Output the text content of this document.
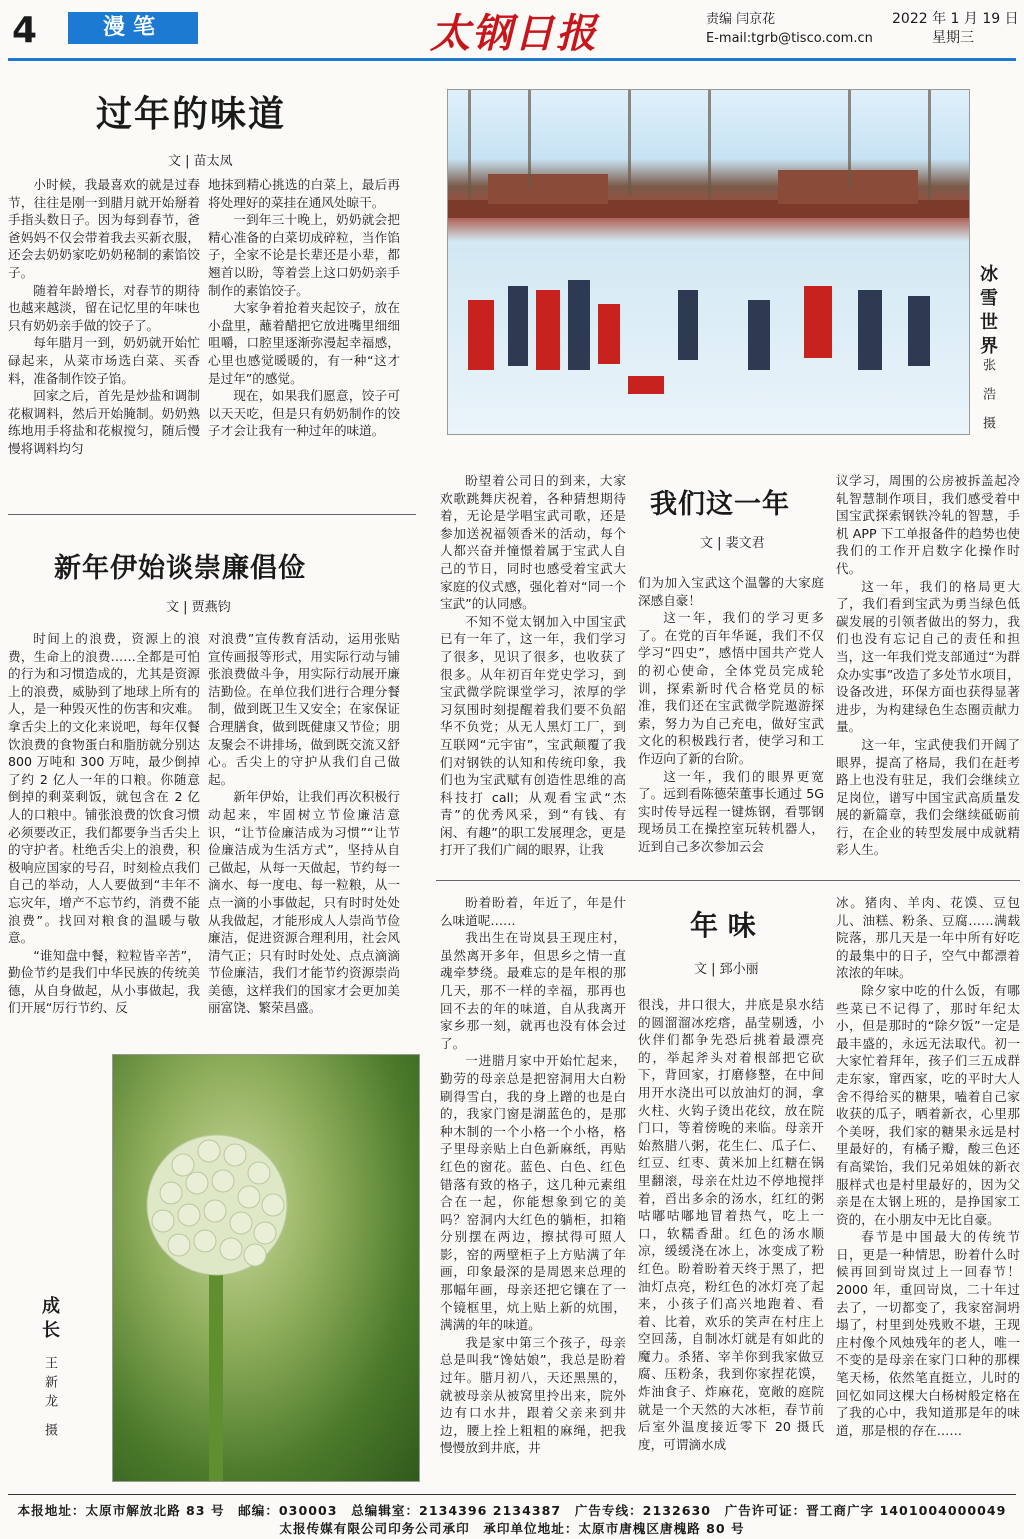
4	漫笔	太钢日报	责编 闫京花
E-mail:tgrb@tisco.com.cn
2022 年 1 月 19 日
星期三
过年的味道
文 | 苗太凤

小时候，我最喜欢的就是过春节，往往是刚一到腊月就开始掰着手指头数日子。因为每到春节，爸爸妈妈不仅会带着我去买新衣服，还会去奶奶家吃奶奶秘制的素馅饺子。

随着年龄增长，对春节的期待也越来越淡，留在记忆里的年味也只有奶奶亲手做的饺子了。

每年腊月一到，奶奶就开始忙碌起来，从菜市场选白菜、买香料，准备制作饺子馅。

回家之后，首先是炒盐和调制花椒调料，然后开始腌制。奶奶熟练地用手将盐和花椒搅匀，随后慢慢将调料均匀

地抹到精心挑选的白菜上，最后再将处理好的菜挂在通风处晾干。

一到年三十晚上，奶奶就会把精心准备的白菜切成碎粒，当作馅子，全家不论是长辈还是小辈，都翘首以盼，等着尝上这口奶奶亲手制作的素馅饺子。

大家争着抢着夹起饺子，放在小盘里，蘸着醋把它放进嘴里细细咀嚼，口腔里逐渐弥漫起幸福感，心里也感觉暖暖的，有一种“这才是过年”的感觉。

现在，如果我们愿意，饺子可以天天吃，但是只有奶奶制作的饺子才会让我有一种过年的味道。

冰雪世界
张 浩 摄
新年伊始谈崇廉倡俭
文 | 贾燕钧

时间上的浪费，资源上的浪费，生命上的浪费……全都是可怕的行为和习惯造成的，尤其是资源上的浪费，威胁到了地球上所有的人，是一种毁灭性的伤害和灾难。拿舌尖上的文化来说吧，每年仅餐饮浪费的食物蛋白和脂肪就分别达 800 万吨和 300 万吨，最少倒掉了约 2 亿人一年的口粮。你随意倒掉的剩菜剩饭，就包含在 2 亿人的口粮中。铺张浪费的饮食习惯必须要改正，我们都要争当舌尖上的守护者。杜绝舌尖上的浪费，积极响应国家的号召，时刻检点我们自己的举动，人人要做到“丰年不忘灾年，增产不忘节约，消费不能浪费”。找回对粮食的温暖与敬意。

“谁知盘中餐，粒粒皆辛苦”，勤俭节约是我们中华民族的传统美德，从自身做起，从小事做起，我们开展“厉行节约、反

对浪费”宣传教育活动，运用张贴宣传画报等形式，用实际行动与铺张浪费做斗争，用实际行动展开廉洁勤俭。在单位我们进行合理分餐制，做到既卫生又安全；在家保证合理膳食，做到既健康又节俭；朋友聚会不讲排场，做到既交流又舒心。舌尖上的守护从我们自己做起。

新年伊始，让我们再次积极行动起来，牢固树立节俭廉洁意识，“让节俭廉洁成为习惯”“让节俭廉洁成为生活方式”，坚持从自己做起，从每一天做起，节约每一滴水、每一度电、每一粒粮，从一点一滴的小事做起，只有时时处处从我做起，才能形成人人崇尚节俭廉洁，促进资源合理利用，社会风清气正；只有时时处处、点点滴滴节俭廉洁，我们才能节约资源崇尚美德，这样我们的国家才会更加美丽富饶、繁荣昌盛。

成长
王新龙 摄

盼望着公司日的到来，大家欢歌跳舞庆祝着，各种猜想期待着，无论是学唱宝武司歌，还是参加送祝福领香米的活动，每个人都兴奋并憧憬着属于宝武人自己的节日，同时也感受着宝武大家庭的仪式感，强化着对“同一个宝武”的认同感。

不知不觉太钢加入中国宝武已有一年了，这一年，我们学习了很多，见识了很多，也收获了很多。从年初百年党史学习，到宝武微学院课堂学习，浓厚的学习氛围时刻提醒着我们要不负韶华不负党；从无人黑灯工厂，到互联网“元宇宙”，宝武颠覆了我们对钢铁的认知和传统印象，我们也为宝武赋有创造性思维的高科技打 call；从观看宝武“杰青”的优秀风采，到“有钱、有闲、有趣”的职工发展理念，更是打开了我们广阔的眼界，让我

我们这一年
文 | 裴文君

们为加入宝武这个温馨的大家庭深感自豪！

这一年，我们的学习更多了。在党的百年华诞，我们不仅学习“四史”，感悟中国共产党人的初心使命，全体党员完成轮训，探索新时代合格党员的标准，我们还在宝武微学院遨游探索，努力为自己充电，做好宝武文化的积极践行者，使学习和工作迈向了新的台阶。

这一年，我们的眼界更宽了。远到看陈德荣董事长通过 5G 实时传导远程一键炼钢，看鄂钢现场员工在操控室玩转机器人，近到自己多次参加云会

议学习，周围的公房被拆盖起冷轧智慧制作项目，我们感受着中国宝武探索钢铁冷轧的智慧，手机 APP 下工单报备件的趋势也使我们的工作开启数字化操作时代。

这一年，我们的格局更大了，我们看到宝武为勇当绿色低碳发展的引领者做出的努力，我们也没有忘记自己的责任和担当，这一年我们党支部通过“为群众办实事”改造了多处节水项目，设备改进，环保方面也获得显著进步，为构建绿色生态圈贡献力量。

这一年，宝武使我们开阔了眼界，提高了格局，我们在赶考路上也没有驻足，我们会继续立足岗位，谱写中国宝武高质量发展的新篇章，我们会继续砥砺前行，在企业的转型发展中成就精彩人生。

盼着盼着，年近了，年是什么味道呢……

我出生在岢岚县王现庄村，虽然离开多年，但思乡之情一直魂牵梦绕。最难忘的是年根的那几天，那不一样的幸福，那再也回不去的年的味道，自从我离开家乡那一刻，就再也没有体会过了。

一进腊月家中开始忙起来，勤劳的母亲总是把窑洞用大白粉刷得雪白，我的身上蹭的也是白的，我家门窗是湖蓝色的，是那种木制的一个小格一个小格，格子里母亲贴上白色新麻纸，再贴红色的窗花。蓝色、白色、红色错落有致的格子，这几种元素组合在一起，你能想象到它的美吗？窑洞内大红色的躺柜，扣箱分别摆在两边，擦拭得可照人影，窑的两壁柜子上方贴满了年画，印象最深的是周恩来总理的那幅年画，母亲还把它镶在了一个镜框里，炕上贴上新的炕围，满满的年的味道。

我是家中第三个孩子，母亲总是叫我“馋姑娘”，我总是盼着过年。腊月初八，天还黑黑的，就被母亲从被窝里拎出来，院外边有口水井，跟着父亲来到井边，腰上拴上粗粗的麻绳，把我慢慢放到井底，井

年 味
文 | 郅小丽

很浅，井口很大，井底是泉水结的圆溜溜冰疙瘩，晶莹剔透，小伙伴们都争先恐后挑着最漂亮的，举起斧头对着根部把它砍下，背回家，打磨修整，在中间用开水浇出可以放油灯的洞，拿火柱、火钩子烫出花纹，放在院门口，等着傍晚的来临。母亲开始熬腊八粥，花生仁、瓜子仁、红豆、红枣、黄米加上红糖在锅里翻滚，母亲在灶边不停地搅拌着，舀出多余的汤水，红红的粥咕嘟咕嘟地冒着热气，吃上一口，软糯香甜。红色的汤水顺凉，缓缓浇在冰上，冰变成了粉红色。盼着盼着天终于黑了，把油灯点亮，粉红色的冰灯亮了起来，小孩子们高兴地跑着、看着、比着，欢乐的笑声在村庄上空回荡，自制冰灯就是有如此的魔力。杀猪、宰羊你到我家做豆腐、压粉条，我到你家捏花馍，炸油食子、炸麻花，宽敞的庭院就是一个天然的大冰柜，春节前后室外温度接近零下 20 摄氏度，可谓滴水成

冰。猪肉、羊肉、花馍、豆包儿、油糕、粉条、豆腐……满载院落，那几天是一年中所有好吃的最集中的日子，空气中都漂着浓浓的年味。

除夕家中吃的什么饭，有哪些菜已不记得了，那时年纪太小，但是那时的“除夕饭”一定是最丰盛的，永远无法取代。初一大家忙着拜年，孩子们三五成群走东家，窜西家，吃的平时大人舍不得给买的糖果，嗑着自己家收获的瓜子，晒着新衣，心里那个美呀，我们家的糖果永远是村里最好的，有橘子瓣，酸三色还有高粱饴，我们兄弟姐妹的新衣服样式也是村里最好的，因为父亲是在太钢上班的，是挣国家工资的，在小朋友中无比自豪。

春节是中国最大的传统节日，更是一种情思，盼着什么时候再回到岢岚过上一回春节！2000 年，重回岢岚，二十年过去了，一切都变了，我家窑洞坍塌了，村里到处残败不堪，王现庄村像个风烛残年的老人，唯一不变的是母亲在家门口种的那棵笔天杨，依然笔直挺立，儿时的回忆如同这棵大白杨树般定格在了我的心中，我知道那是年的味道，那是根的存在……

本报地址：太原市解放北路 83 号　邮编：030003　总编辑室：2134396 2134387　广告专线：2132630　广告许可证：晋工商广字 1401004000049
太报传媒有限公司印务公司承印　承印单位地址：太原市唐槐区唐槐路 80 号
